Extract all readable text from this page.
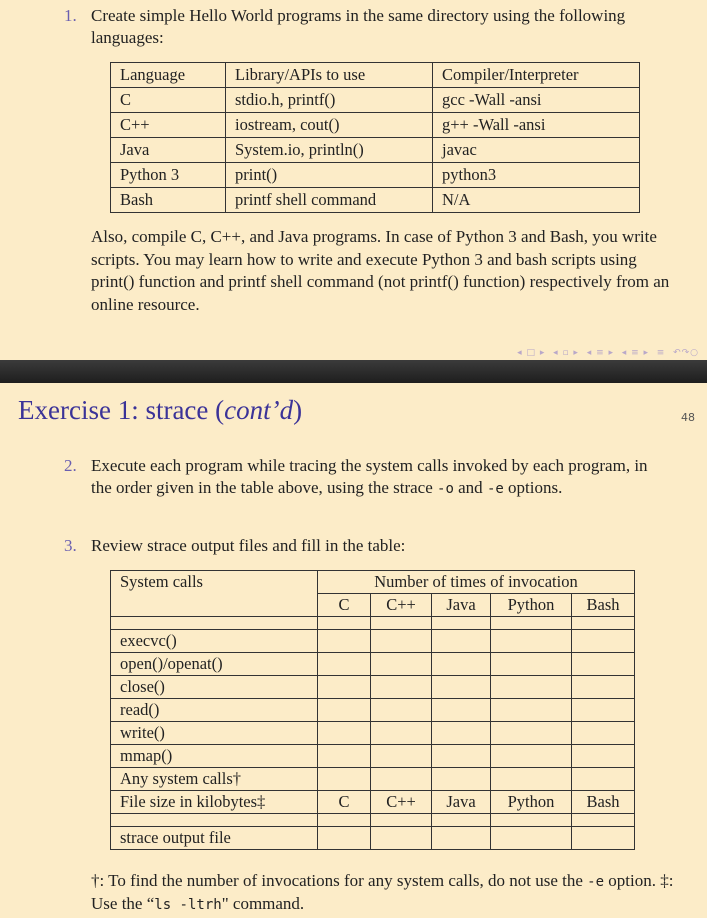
1. Create simple Hello World programs in the same directory using the following languages:
Language	Library/APIs to use	Compiler/Interpreter
C	stdio.h, printf()	gcc -Wall -ansi
C++	iostream, cout()	g++ -Wall -ansi
Java	System.io, println()	javac
Python 3	print()	python3
Bash	printf shell command	N/A
Also, compile C, C++, and Java programs. In case of Python 3 and Bash, you write scripts. You may learn how to write and execute Python 3 and bash scripts using print() function and printf shell command (not printf() function) respectively from an online resource.
◂ □ ▸ ◂ ▫ ▸ ◂ ≡ ▸ ◂ ≡ ▸ ≡ ↶↷○
Exercise 1: strace (cont’d)	48
2. Execute each program while tracing the system calls invoked by each program, in the order given in the table above, using the strace -o and -e options.
3. Review strace output files and fill in the table:
System calls	Number of times of invocation				
	C	C++	Java	Python	Bash

execvc()					
open()/openat()					
close()					
read()					
write()					
mmap()					
Any system calls†					
File size in kilobytes‡	C	C++	Java	Python	Bash

strace output file					
†: To find the number of invocations for any system calls, do not use the -e option. ‡: Use the “ls -ltrh" command.
